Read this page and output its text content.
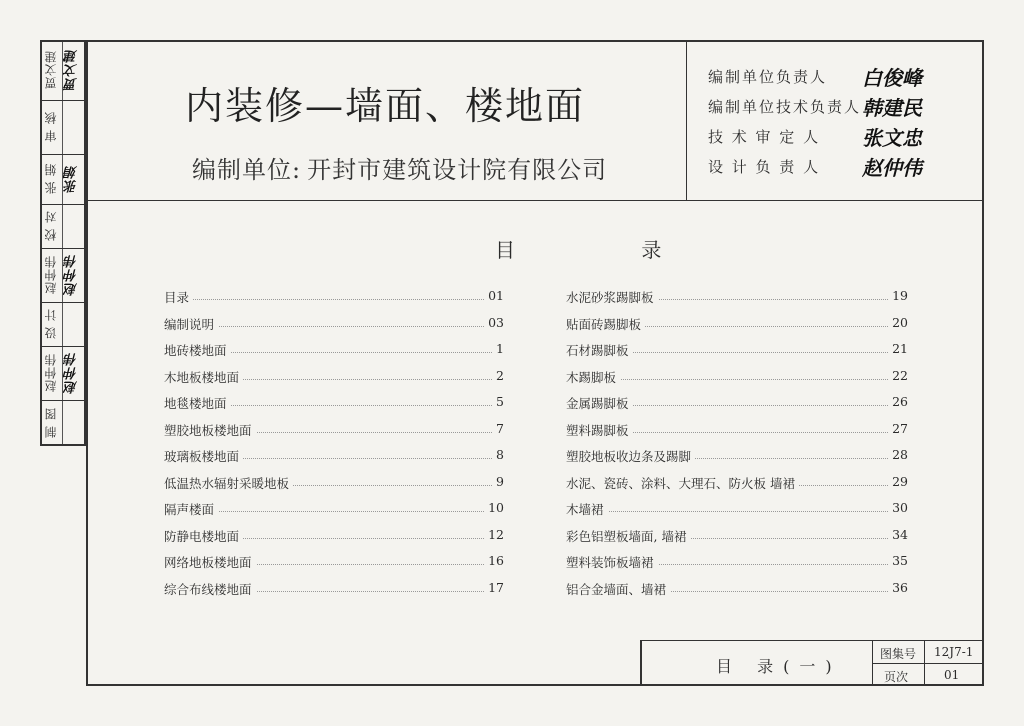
贾文建 贾文建
审 核
张 娟 张娟
校 对
赵仲伟 赵仲伟
设 计
赵仲伟 赵仲伟
制 图
内装修—墙面、楼地面
编制单位: 开封市建筑设计院有限公司
编制单位负责人 白俊峰
编制单位技术负责人 韩建民
技 术 审 定 人 张文忠
设 计 负 责 人 赵仲伟
目 录
目录	01
编制说明	03
地砖楼地面	1
木地板楼地面	2
地毯楼地面	5
塑胶地板楼地面	7
玻璃板楼地面	8
低温热水辐射采暖地板	9
隔声楼面	10
防静电楼地面	12
网络地板楼地面	16
综合布线楼地面	17
水泥砂浆踢脚板	19
贴面砖踢脚板	20
石材踢脚板	21
木踢脚板	22
金属踢脚板	26
塑料踢脚板	27
塑胶地板收边条及踢脚	28
水泥、瓷砖、涂料、大理石、防火板 墙裙	29
木墙裙	30
彩色铝塑板墙面, 墙裙	34
塑料装饰板墙裙	35
铝合金墙面、墙裙	36
目 录(一)
图集号 12J7-1
页次	01
